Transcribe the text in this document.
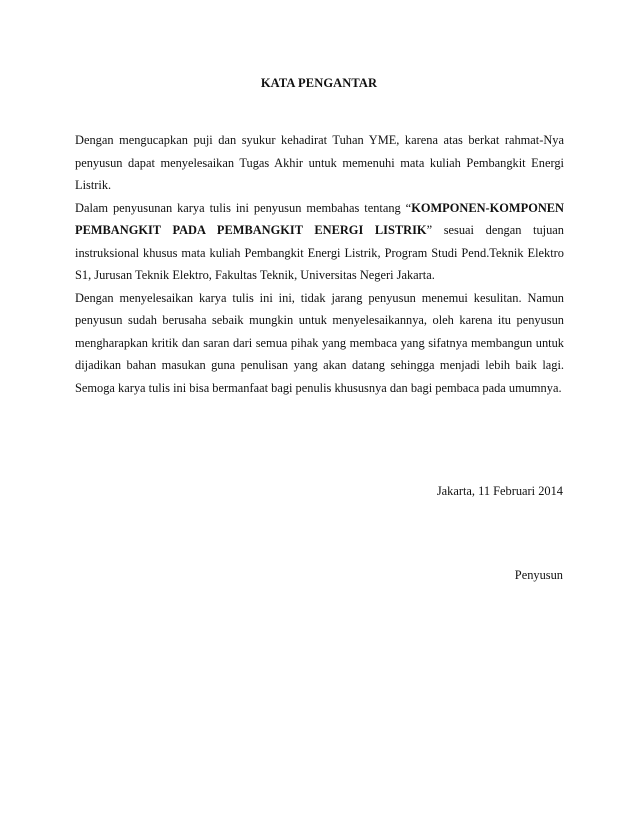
KATA PENGANTAR

Dengan mengucapkan puji dan syukur kehadirat Tuhan YME, karena atas berkat rahmat-Nya penyusun dapat menyelesaikan Tugas Akhir untuk memenuhi mata kuliah Pembangkit Energi Listrik.

Dalam penyusunan karya tulis ini penyusun membahas tentang “KOMPONEN-KOMPONEN PEMBANGKIT PADA PEMBANGKIT ENERGI LISTRIK” sesuai dengan tujuan instruksional khusus mata kuliah Pembangkit Energi Listrik, Program Studi Pend.Teknik Elektro S1, Jurusan Teknik Elektro, Fakultas Teknik, Universitas Negeri Jakarta.

Dengan menyelesaikan karya tulis ini ini, tidak jarang penyusun menemui kesulitan. Namun penyusun sudah berusaha sebaik mungkin untuk menyelesaikannya, oleh karena itu penyusun mengharapkan kritik dan saran dari semua pihak yang membaca yang sifatnya membangun untuk dijadikan bahan masukan guna penulisan yang akan datang sehingga menjadi lebih baik lagi. Semoga karya tulis ini bisa bermanfaat bagi penulis khususnya dan bagi pembaca pada umumnya.

Jakarta, 11 Februari 2014
Penyusun
